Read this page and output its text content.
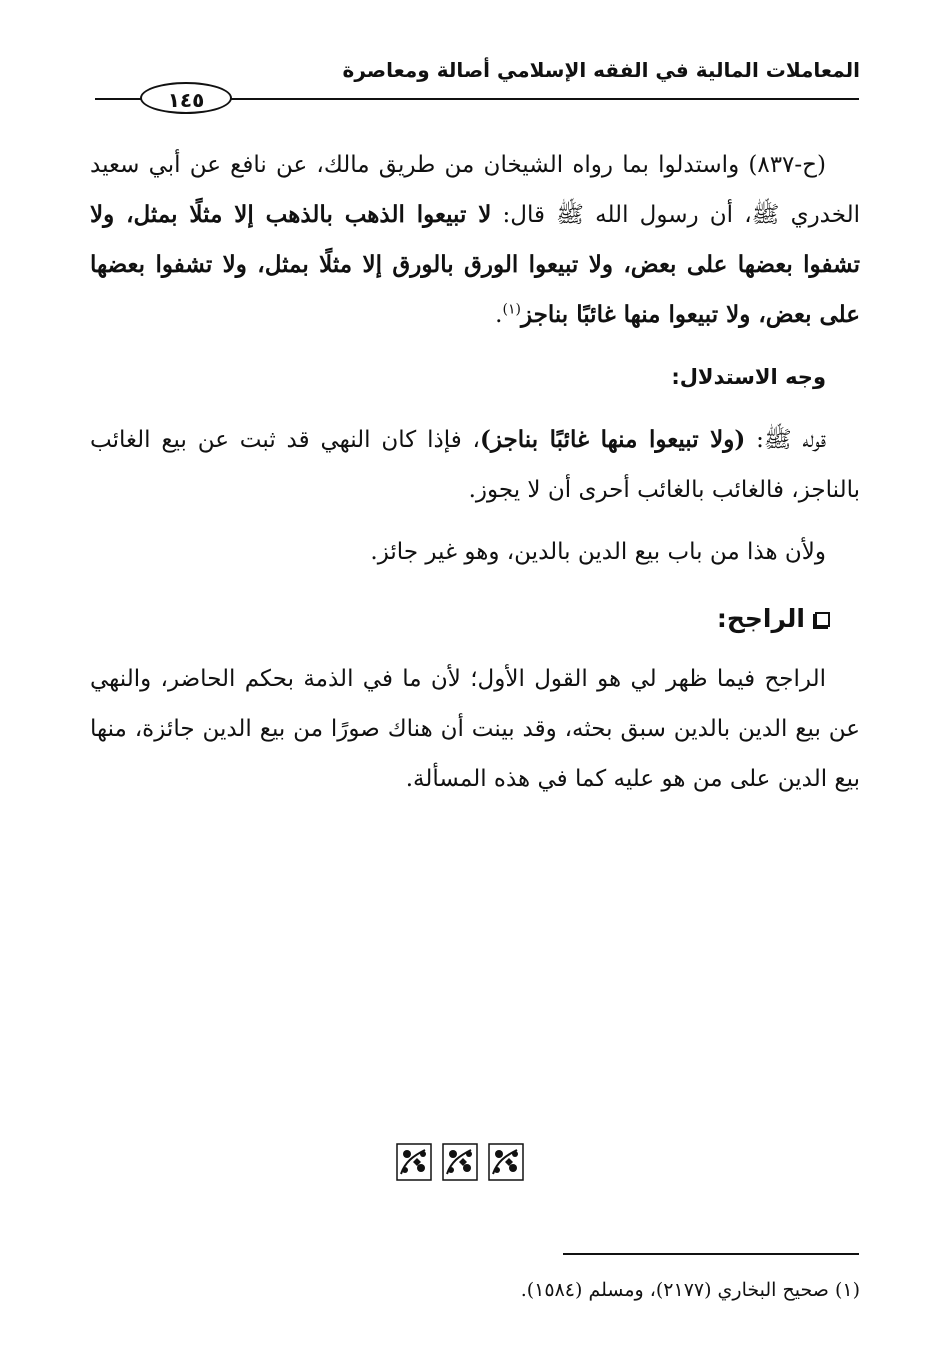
المعاملات المالية في الفقه الإسلامي أصالة ومعاصرة
١٤٥

(ح-٨٣٧) واستدلوا بما رواه الشيخان من طريق مالك، عن نافع عن أبي سعيد الخدري ﷺ، أن رسول الله ﷺ قال: لا تبيعوا الذهب بالذهب إلا مثلًا بمثل، ولا تشفوا بعضها على بعض، ولا تبيعوا الورق بالورق إلا مثلًا بمثل، ولا تشفوا بعضها على بعض، ولا تبيعوا منها غائبًا بناجز$^{(١)}$.

وجه الاستدلال:

قوله ﷺ: (ولا تبيعوا منها غائبًا بناجز)، فإذا كان النهي قد ثبت عن بيع الغائب بالناجز، فالغائب بالغائب أحرى أن لا يجوز.

ولأن هذا من باب بيع الدين بالدين، وهو غير جائز.

الراجح:

الراجح فيما ظهر لي هو القول الأول؛ لأن ما في الذمة بحكم الحاضر، والنهي عن بيع الدين بالدين سبق بحثه، وقد بينت أن هناك صورًا من بيع الدين جائزة، منها بيع الدين على من هو عليه كما في هذه المسألة.

(١) صحيح البخاري (٢١٧٧)، ومسلم (١٥٨٤).
